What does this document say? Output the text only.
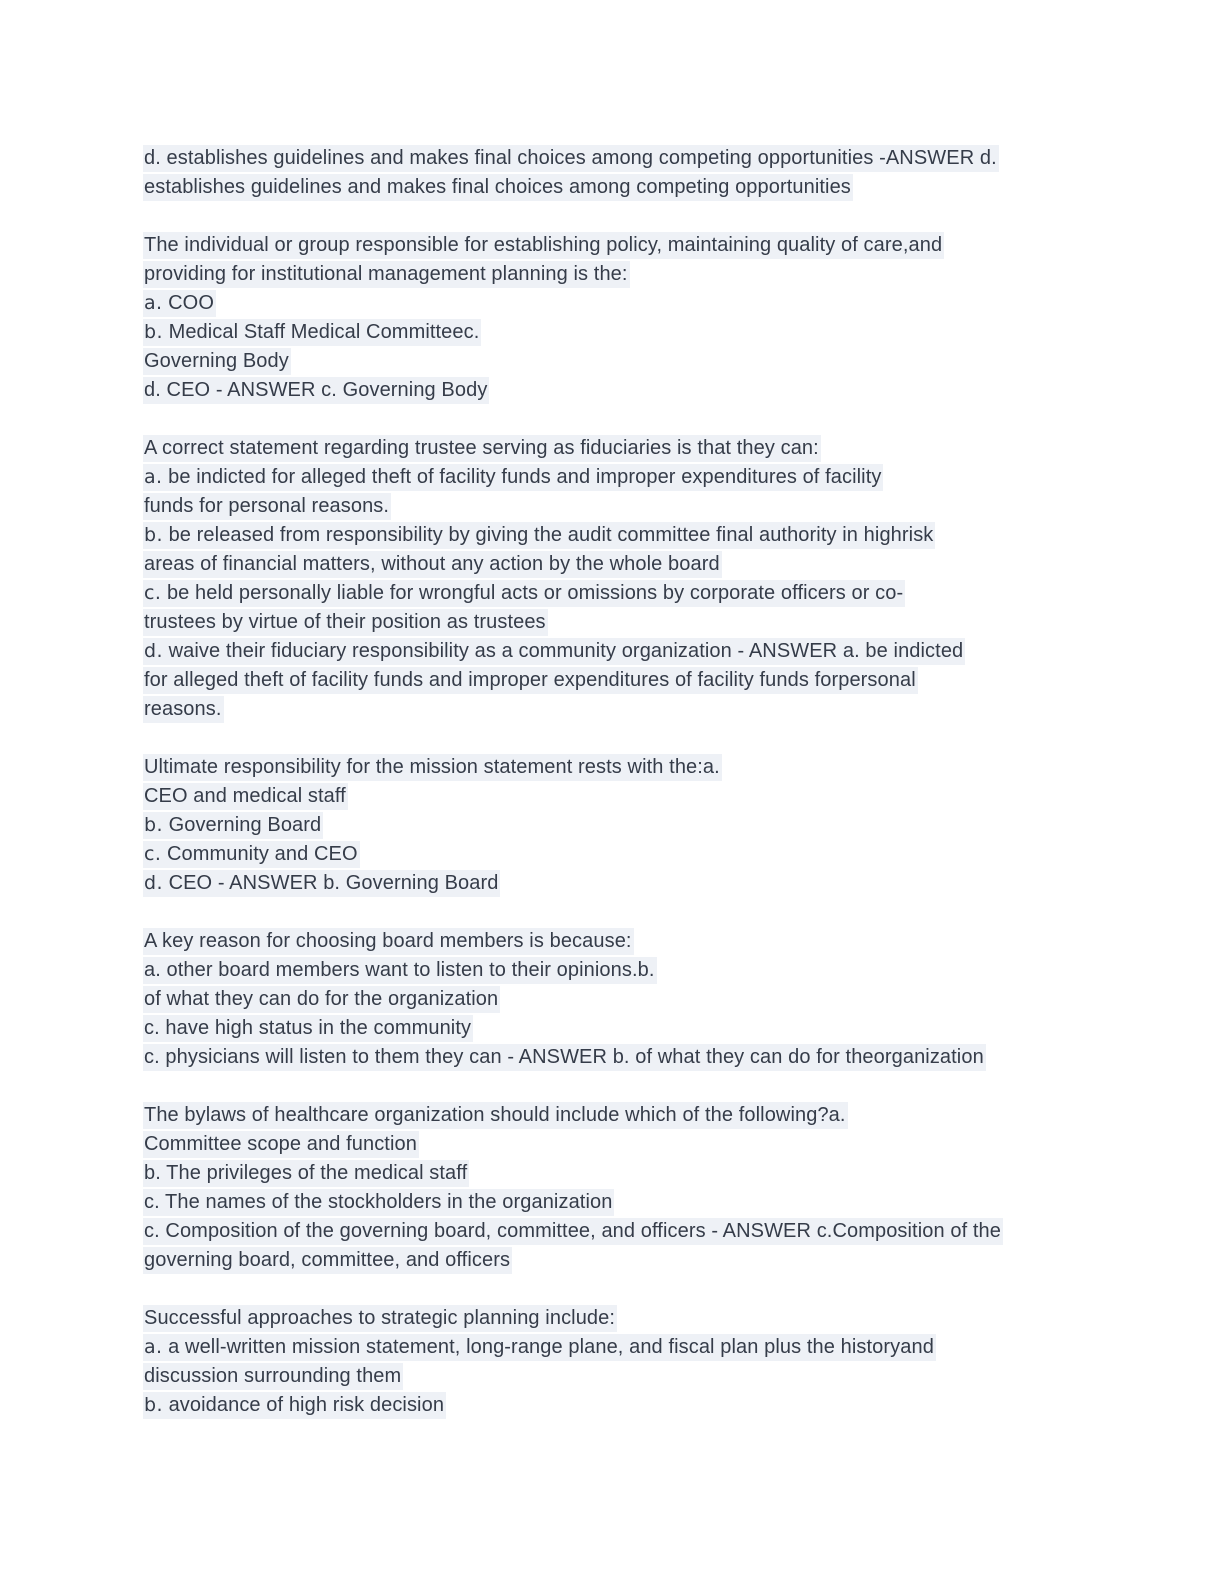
d. establishes guidelines and makes final choices among competing opportunities -ANSWER d.
establishes guidelines and makes final choices among competing opportunities
The individual or group responsible for establishing policy, maintaining quality of care,and
providing for institutional management planning is the:
a. COO
b. Medical Staff Medical Committeec.
Governing Body
d. CEO - ANSWER c. Governing Body
A correct statement regarding trustee serving as fiduciaries is that they can:
a. be indicted for alleged theft of facility funds and improper expenditures of facility
funds for personal reasons.
b. be released from responsibility by giving the audit committee final authority in highrisk
areas of financial matters, without any action by the whole board
c. be held personally liable for wrongful acts or omissions by corporate officers or co-
trustees by virtue of their position as trustees
d. waive their fiduciary responsibility as a community organization - ANSWER a. be indicted
for alleged theft of facility funds and improper expenditures of facility funds forpersonal
reasons.
Ultimate responsibility for the mission statement rests with the:a.
CEO and medical staff
b. Governing Board
c. Community and CEO
d. CEO - ANSWER b. Governing Board
A key reason for choosing board members is because:
a. other board members want to listen to their opinions.b.
of what they can do for the organization
c. have high status in the community
c. physicians will listen to them they can - ANSWER b. of what they can do for theorganization
The bylaws of healthcare organization should include which of the following?a.
Committee scope and function
b. The privileges of the medical staff
c. The names of the stockholders in the organization
c. Composition of the governing board, committee, and officers - ANSWER c.Composition of the
governing board, committee, and officers
Successful approaches to strategic planning include:
a. a well-written mission statement, long-range plane, and fiscal plan plus the historyand
discussion surrounding them
b. avoidance of high risk decision
